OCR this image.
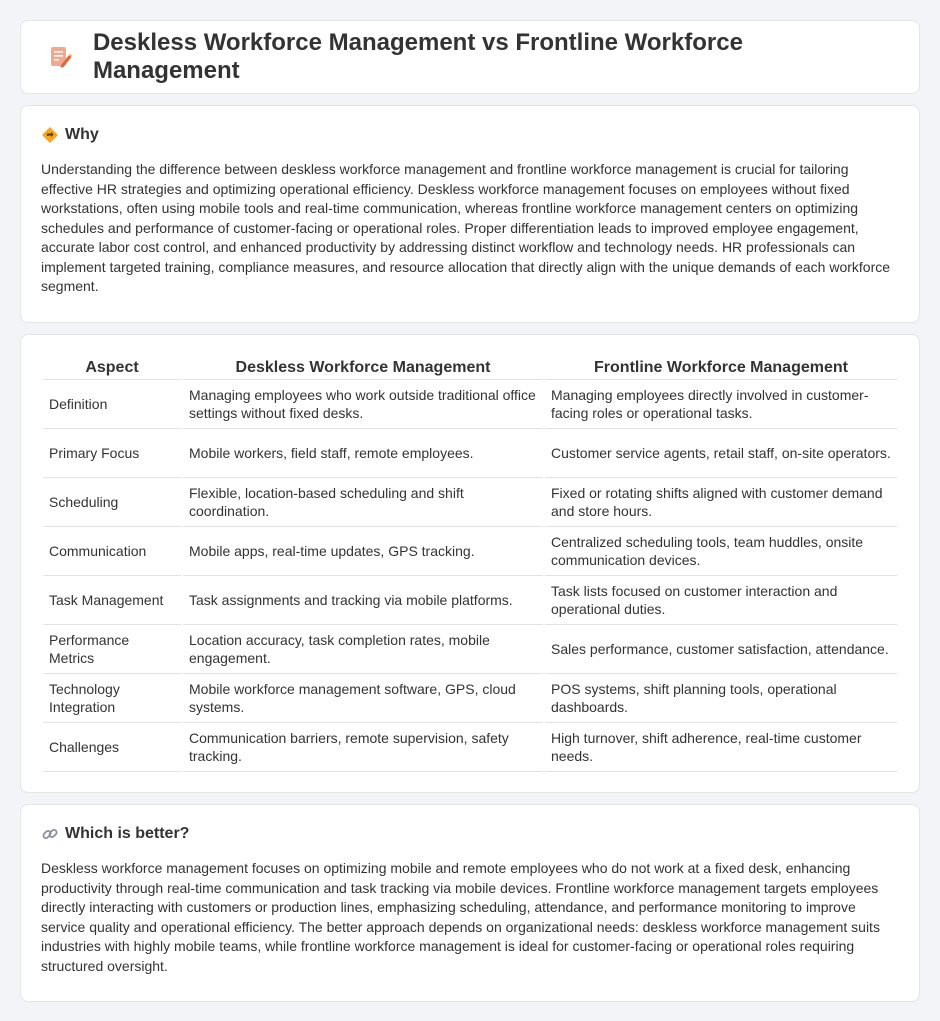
Deskless Workforce Management vs Frontline Workforce Management
Why

Understanding the difference between deskless workforce management and frontline workforce management is crucial for tailoring effective HR strategies and optimizing operational efficiency. Deskless workforce management focuses on employees without fixed workstations, often using mobile tools and real-time communication, whereas frontline workforce management centers on optimizing schedules and performance of customer-facing or operational roles. Proper differentiation leads to improved employee engagement, accurate labor cost control, and enhanced productivity by addressing distinct workflow and technology needs. HR professionals can implement targeted training, compliance measures, and resource allocation that directly align with the unique demands of each workforce segment.

Aspect	Deskless Workforce Management	Frontline Workforce Management
Definition	Managing employees who work outside traditional office settings without fixed desks.	Managing employees directly involved in customer-facing roles or operational tasks.
Primary Focus	Mobile workers, field staff, remote employees.	Customer service agents, retail staff, on-site operators.
Scheduling	Flexible, location-based scheduling and shift coordination.	Fixed or rotating shifts aligned with customer demand and store hours.
Communication	Mobile apps, real-time updates, GPS tracking.	Centralized scheduling tools, team huddles, onsite communication devices.
Task Management	Task assignments and tracking via mobile platforms.	Task lists focused on customer interaction and operational duties.
Performance Metrics	Location accuracy, task completion rates, mobile engagement.	Sales performance, customer satisfaction, attendance.
Technology Integration	Mobile workforce management software, GPS, cloud systems.	POS systems, shift planning tools, operational dashboards.
Challenges	Communication barriers, remote supervision, safety tracking.	High turnover, shift adherence, real-time customer needs.
Which is better?

Deskless workforce management focuses on optimizing mobile and remote employees who do not work at a fixed desk, enhancing productivity through real-time communication and task tracking via mobile devices. Frontline workforce management targets employees directly interacting with customers or production lines, emphasizing scheduling, attendance, and performance monitoring to improve service quality and operational efficiency. The better approach depends on organizational needs: deskless workforce management suits industries with highly mobile teams, while frontline workforce management is ideal for customer-facing or operational roles requiring structured oversight.
